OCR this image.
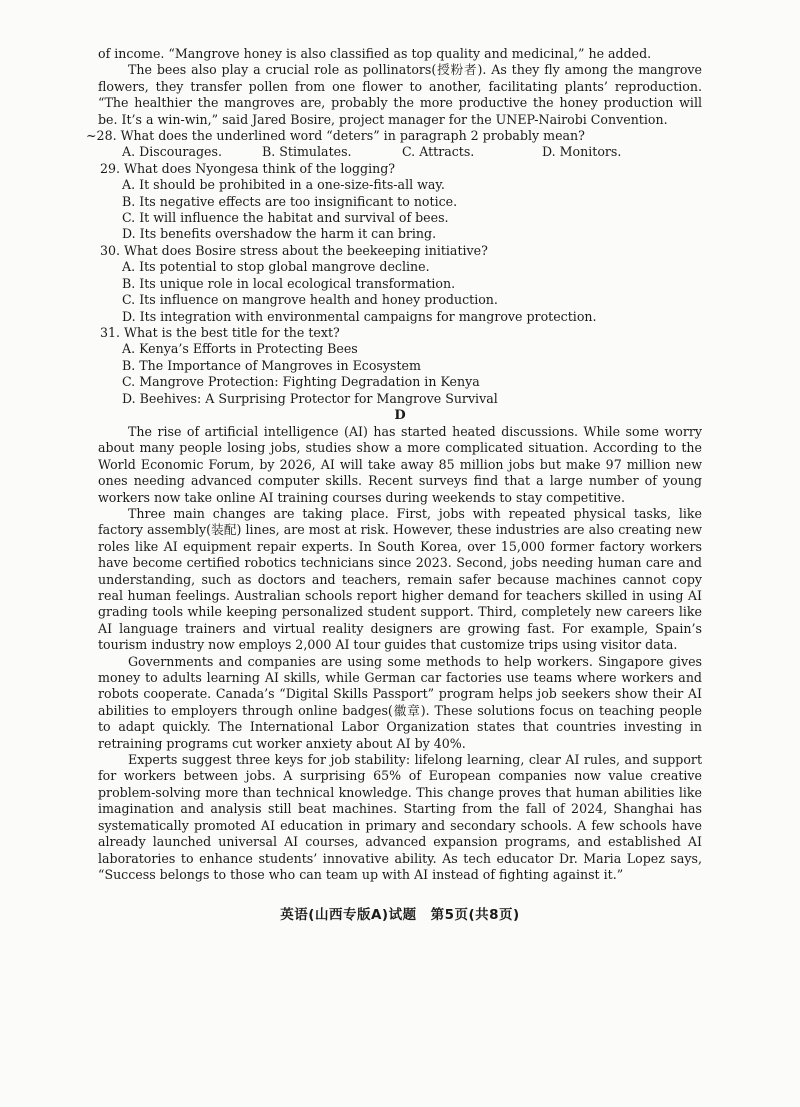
of income. “Mangrove honey is also classified as top quality and medicinal,” he added.

The bees also play a crucial role as pollinators(授粉者). As they fly among the mangrove flowers, they transfer pollen from one flower to another, facilitating plants’ reproduction. “The healthier the mangroves are, probably the more productive the honey production will be. It’s a win-win,” said Jared Bosire, project manager for the UNEP-Nairobi Convention.

~28. What does the underlined word “deters” in paragraph 2 probably mean?

A. Discourages.	B. Stimulates.	C. Attracts.	D. Monitors.

29. What does Nyongesa think of the logging?

A. It should be prohibited in a one-size-fits-all way.
B. Its negative effects are too insignificant to notice.
C. It will influence the habitat and survival of bees.
D. Its benefits overshadow the harm it can bring.

30. What does Bosire stress about the beekeeping initiative?

A. Its potential to stop global mangrove decline.
B. Its unique role in local ecological transformation.
C. Its influence on mangrove health and honey production.
D. Its integration with environmental campaigns for mangrove protection.

31. What is the best title for the text?

A. Kenya’s Efforts in Protecting Bees
B. The Importance of Mangroves in Ecosystem
C. Mangrove Protection: Fighting Degradation in Kenya
D. Beehives: A Surprising Protector for Mangrove Survival

D

The rise of artificial intelligence (AI) has started heated discussions. While some worry about many people losing jobs, studies show a more complicated situation. According to the World Economic Forum, by 2026, AI will take away 85 million jobs but make 97 million new ones needing advanced computer skills. Recent surveys find that a large number of young workers now take online AI training courses during weekends to stay competitive.

Three main changes are taking place. First, jobs with repeated physical tasks, like factory assembly(装配) lines, are most at risk. However, these industries are also creating new roles like AI equipment repair experts. In South Korea, over 15,000 former factory workers have become certified robotics technicians since 2023. Second, jobs needing human care and understanding, such as doctors and teachers, remain safer because machines cannot copy real human feelings. Australian schools report higher demand for teachers skilled in using AI grading tools while keeping personalized student support. Third, completely new careers like AI language trainers and virtual reality designers are growing fast. For example, Spain’s tourism industry now employs 2,000 AI tour guides that customize trips using visitor data.

Governments and companies are using some methods to help workers. Singapore gives money to adults learning AI skills, while German car factories use teams where workers and robots cooperate. Canada’s “Digital Skills Passport” program helps job seekers show their AI abilities to employers through online badges(徽章). These solutions focus on teaching people to adapt quickly. The International Labor Organization states that countries investing in retraining programs cut worker anxiety about AI by 40%.

Experts suggest three keys for job stability: lifelong learning, clear AI rules, and support for workers between jobs. A surprising 65% of European companies now value creative problem-solving more than technical knowledge. This change proves that human abilities like imagination and analysis still beat machines. Starting from the fall of 2024, Shanghai has systematically promoted AI education in primary and secondary schools. A few schools have already launched universal AI courses, advanced expansion programs, and established AI laboratories to enhance students’ innovative ability. As tech educator Dr. Maria Lopez says, “Success belongs to those who can team up with AI instead of fighting against it.”

英语(山西专版A)试题　第5页(共8页)
